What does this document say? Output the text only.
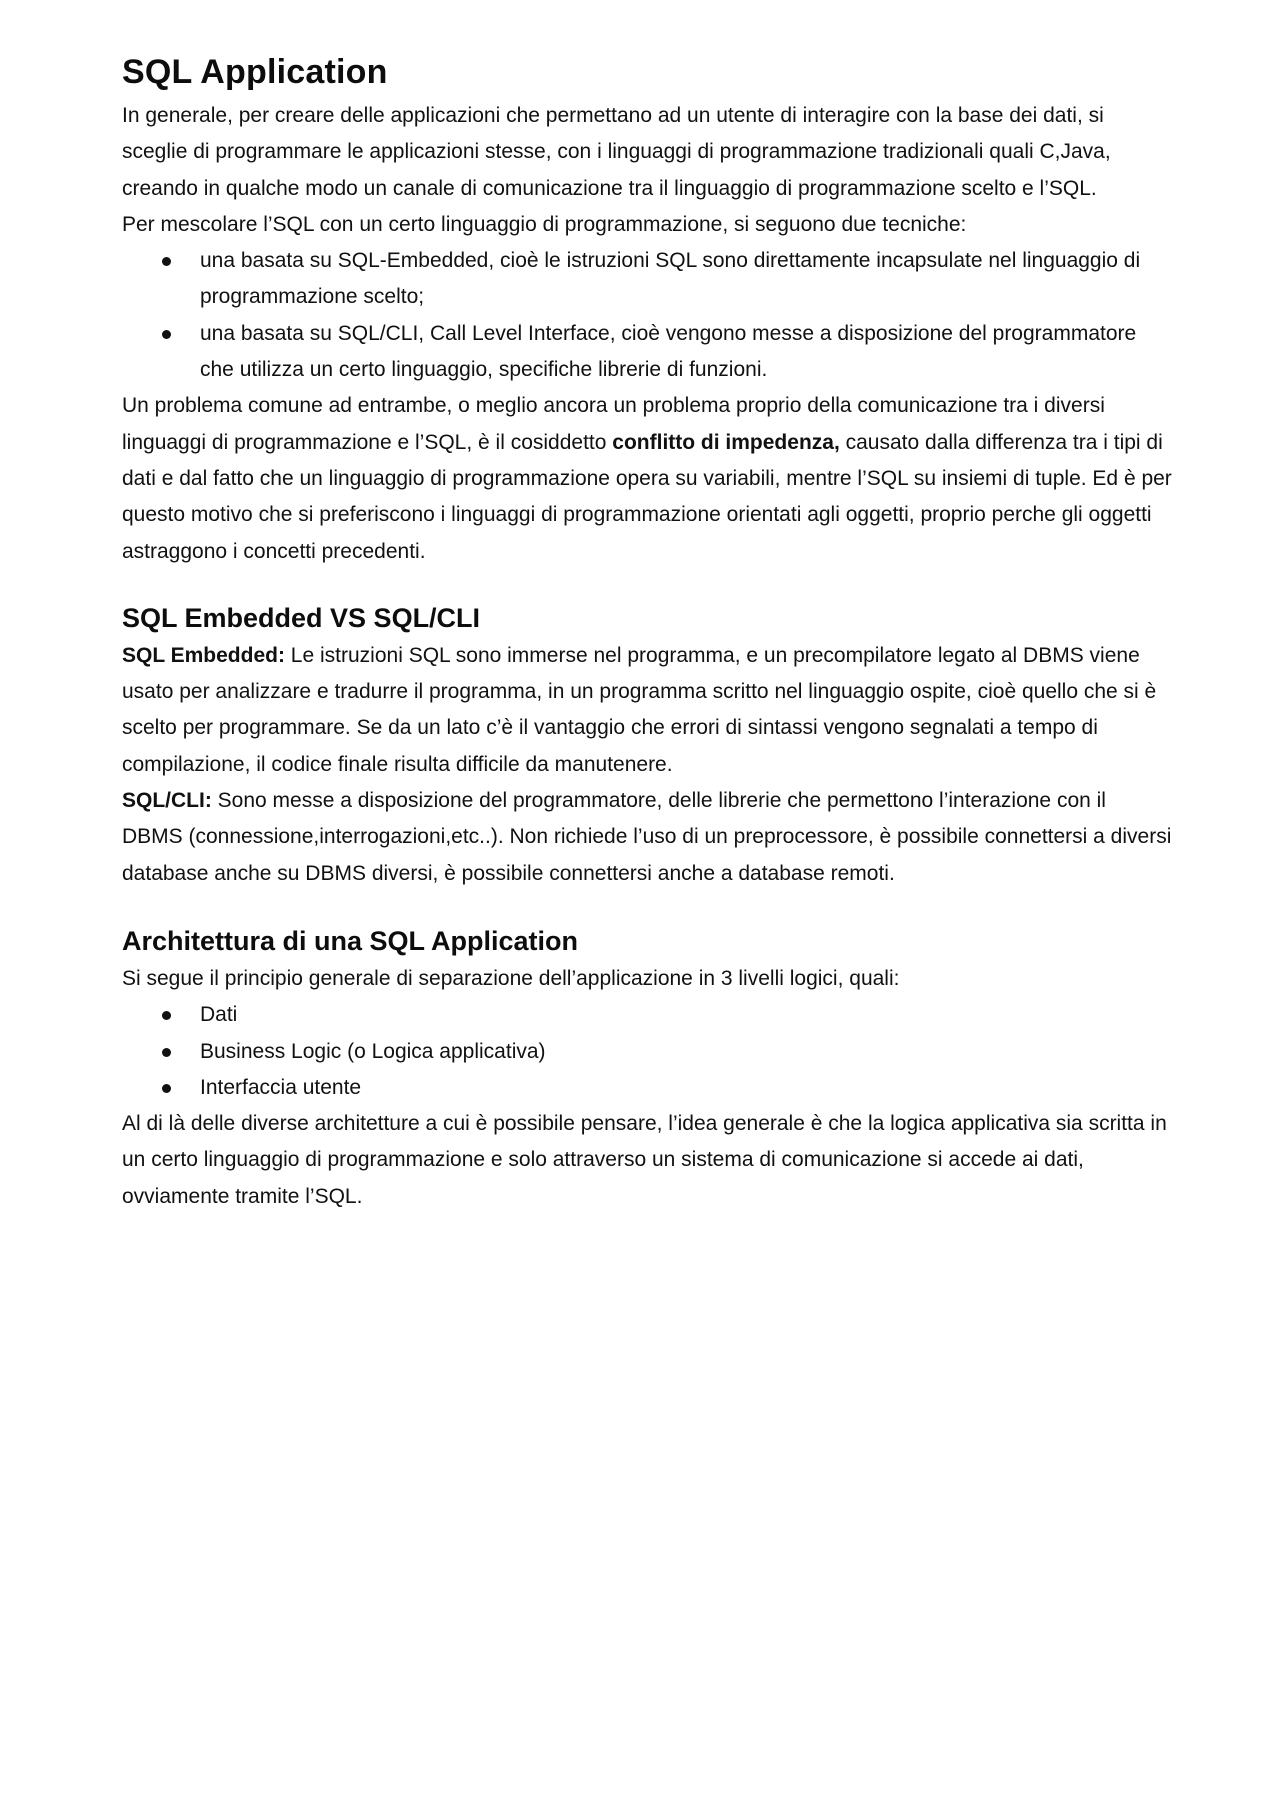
SQL Application

In generale, per creare delle applicazioni che permettano ad un utente di interagire con la base dei dati, si sceglie di programmare le applicazioni stesse, con i linguaggi di programmazione tradizionali quali C,Java, creando in qualche modo un canale di comunicazione tra il linguaggio di programmazione scelto e l’SQL.

Per mescolare l’SQL con un certo linguaggio di programmazione, si seguono due tecniche:

una basata su SQL-Embedded, cioè le istruzioni SQL sono direttamente incapsulate nel linguaggio di programmazione scelto;
una basata su SQL/CLI, Call Level Interface, cioè vengono messe a disposizione del programmatore che utilizza un certo linguaggio, specifiche librerie di funzioni.

Un problema comune ad entrambe, o meglio ancora un problema proprio della comunicazione tra i diversi linguaggi di programmazione e l’SQL, è il cosiddetto conflitto di impedenza, causato dalla differenza tra i tipi di dati e dal fatto che un linguaggio di programmazione opera su variabili, mentre l’SQL su insiemi di tuple. Ed è per questo motivo che si preferiscono i linguaggi di programmazione orientati agli oggetti, proprio perche gli oggetti astraggono i concetti precedenti.

SQL Embedded VS SQL/CLI

SQL Embedded: Le istruzioni SQL sono immerse nel programma, e un precompilatore legato al DBMS viene usato per analizzare e tradurre il programma, in un programma scritto nel linguaggio ospite, cioè quello che si è scelto per programmare. Se da un lato c’è il vantaggio che errori di sintassi vengono segnalati a tempo di compilazione, il codice finale risulta difficile da manutenere.

SQL/CLI: Sono messe a disposizione del programmatore, delle librerie che permettono l’interazione con il DBMS (connessione,interrogazioni,etc..). Non richiede l’uso di un preprocessore, è possibile connettersi a diversi database anche su DBMS diversi, è possibile connettersi anche a database remoti.

Architettura di una SQL Application

Si segue il principio generale di separazione dell’applicazione in 3 livelli logici, quali:

Dati
Business Logic (o Logica applicativa)
Interfaccia utente

Al di là delle diverse architetture a cui è possibile pensare, l’idea generale è che la logica applicativa sia scritta in un certo linguaggio di programmazione e solo attraverso un sistema di comunicazione si accede ai dati, ovviamente tramite l’SQL.
